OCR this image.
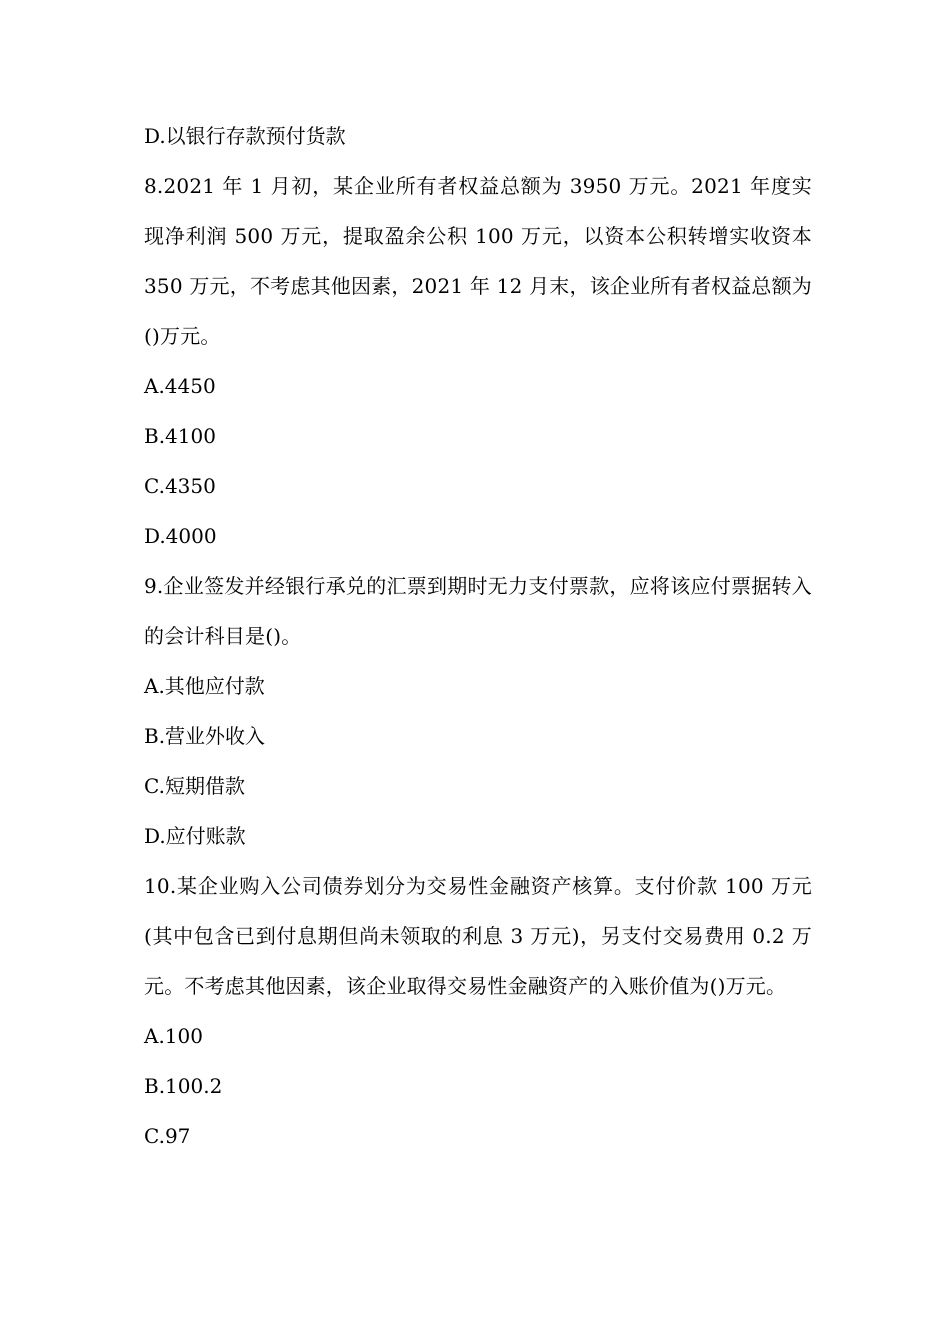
D.以银行存款预付货款

8.2021 年 1 月初，某企业所有者权益总额为 3950 万元。2021 年度实现净利润 500 万元，提取盈余公积 100 万元，以资本公积转增实收资本 350 万元，不考虑其他因素，2021 年 12 月末，该企业所有者权益总额为()万元。

A.4450

B.4100

C.4350

D.4000

9.企业签发并经银行承兑的汇票到期时无力支付票款，应将该应付票据转入的会计科目是()。

A.其他应付款

B.营业外收入

C.短期借款

D.应付账款

10.某企业购入公司债券划分为交易性金融资产核算。支付价款 100 万元(其中包含已到付息期但尚未领取的利息 3 万元)，另支付交易费用 0.2 万元。不考虑其他因素，该企业取得交易性金融资产的入账价值为()万元。

A.100

B.100.2

C.97
